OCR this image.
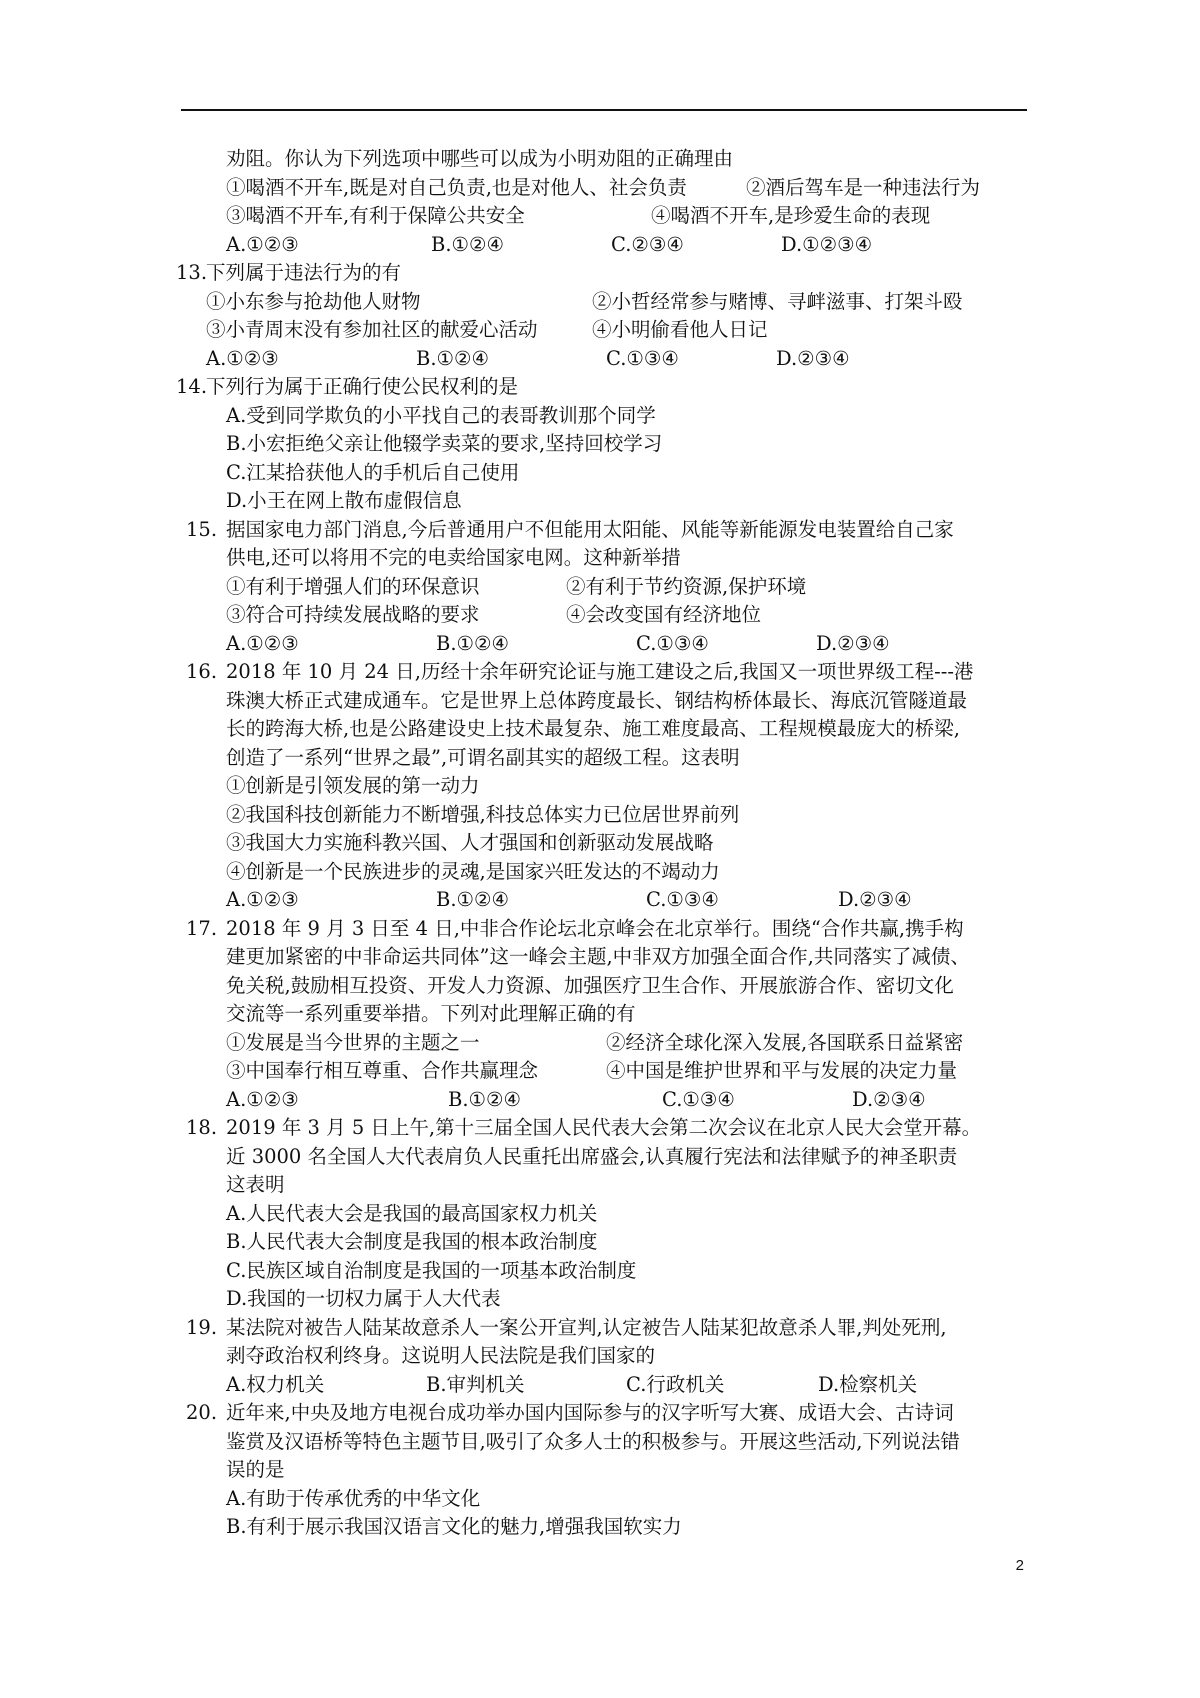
劝阻。你认为下列选项中哪些可以成为小明劝阻的正确理由
①喝酒不开车,既是对自己负责,也是对他人、社会负责	②酒后驾车是一种违法行为
③喝酒不开车,有利于保障公共安全	④喝酒不开车,是珍爱生命的表现
A.①②③	B.①②④	C.②③④	D.①②③④
13.
下列属于违法行为的有
①小东参与抢劫他人财物	②小哲经常参与赌博、寻衅滋事、打架斗殴
③小青周末没有参加社区的献爱心活动	④小明偷看他人日记
A.①②③	B.①②④	C.①③④	D.②③④
14.
下列行为属于正确行使公民权利的是
A.受到同学欺负的小平找自己的表哥教训那个同学
B.小宏拒绝父亲让他辍学卖菜的要求,坚持回校学习
C.江某拾获他人的手机后自己使用
D.小王在网上散布虚假信息
15. 据国家电力部门消息,今后普通用户不但能用太阳能、风能等新能源发电装置给自己家
供电,还可以将用不完的电卖给国家电网。这种新举措
①有利于增强人们的环保意识	②有利于节约资源,保护环境
③符合可持续发展战略的要求	④会改变国有经济地位
A.①②③	B.①②④	C.①③④	D.②③④
16. 2018 年 10 月 24 日,历经十余年研究论证与施工建设之后,我国又一项世界级工程---港
珠澳大桥正式建成通车。它是世界上总体跨度最长、钢结构桥体最长、海底沉管隧道最
长的跨海大桥,也是公路建设史上技术最复杂、施工难度最高、工程规模最庞大的桥梁,
创造了一系列“世界之最”,可谓名副其实的超级工程。这表明
①创新是引领发展的第一动力
②我国科技创新能力不断增强,科技总体实力已位居世界前列
③我国大力实施科教兴国、人才强国和创新驱动发展战略
④创新是一个民族进步的灵魂,是国家兴旺发达的不竭动力
A.①②③	B.①②④	C.①③④	D.②③④
17. 2018 年 9 月 3 日至 4 日,中非合作论坛北京峰会在北京举行。围绕“合作共赢,携手构
建更加紧密的中非命运共同体”这一峰会主题,中非双方加强全面合作,共同落实了减债、
免关税,鼓励相互投资、开发人力资源、加强医疗卫生合作、开展旅游合作、密切文化
交流等一系列重要举措。下列对此理解正确的有
①发展是当今世界的主题之一	②经济全球化深入发展,各国联系日益紧密
③中国奉行相互尊重、合作共赢理念	④中国是维护世界和平与发展的决定力量
A.①②③	B.①②④	C.①③④	D.②③④
18. 2019 年 3 月 5 日上午,第十三届全国人民代表大会第二次会议在北京人民大会堂开幕。
近 3000 名全国人大代表肩负人民重托出席盛会,认真履行宪法和法律赋予的神圣职责
这表明
A.人民代表大会是我国的最高国家权力机关
B.人民代表大会制度是我国的根本政治制度
C.民族区域自治制度是我国的一项基本政治制度
D.我国的一切权力属于人大代表
19. 某法院对被告人陆某故意杀人一案公开宣判,认定被告人陆某犯故意杀人罪,判处死刑,
剥夺政治权利终身。这说明人民法院是我们国家的
A.权力机关	B.审判机关	C.行政机关	D.检察机关
20. 近年来,中央及地方电视台成功举办国内国际参与的汉字听写大赛、成语大会、古诗词
鉴赏及汉语桥等特色主题节目,吸引了众多人士的积极参与。开展这些活动,下列说法错
误的是
A.有助于传承优秀的中华文化
B.有利于展示我国汉语言文化的魅力,增强我国软实力
2
